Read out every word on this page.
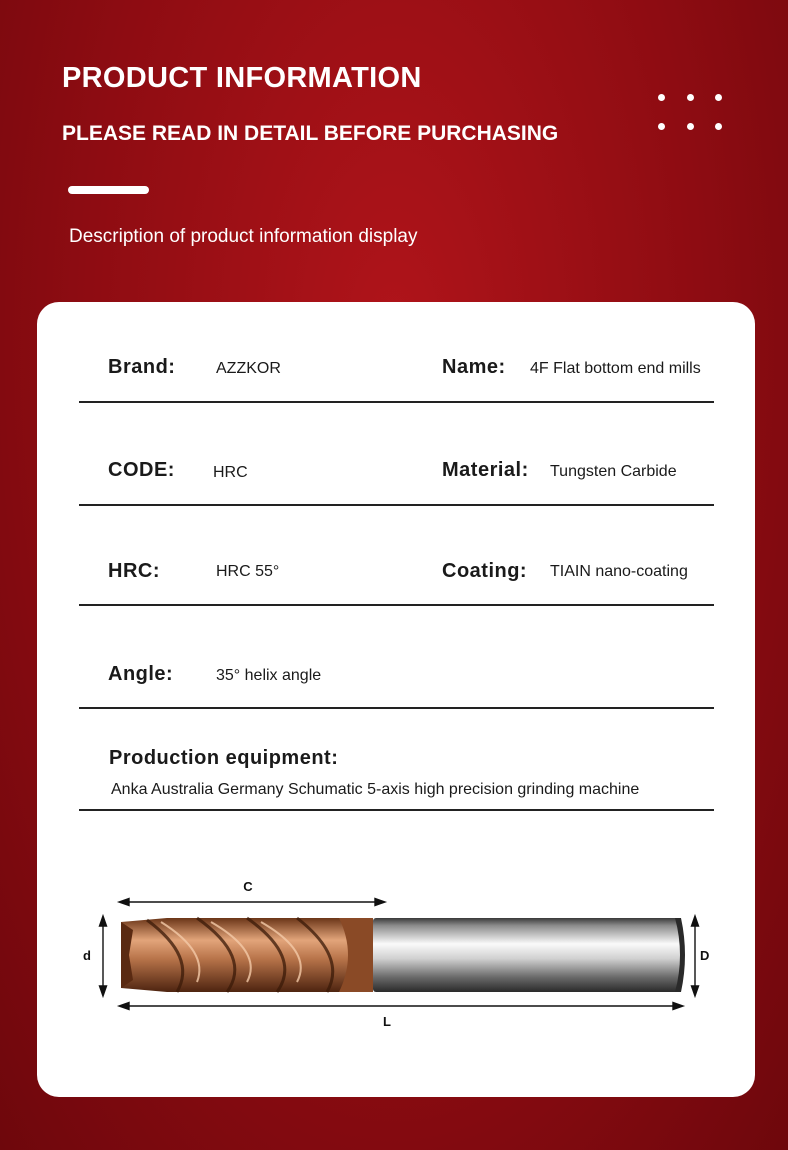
PRODUCT INFORMATION
PLEASE READ IN DETAIL BEFORE PURCHASING
Description of product information display
Brand:	AZZKOR	Name: 4F Flat bottom end mills
CODE: HRC	Material: Tungsten Carbide
HRC:	HRC 55°	Coating: TIAIN nano-coating
Angle:	35° helix angle
Production equipment:
Anka Australia Germany Schumatic 5-axis high precision grinding machine
C
d	D
L
